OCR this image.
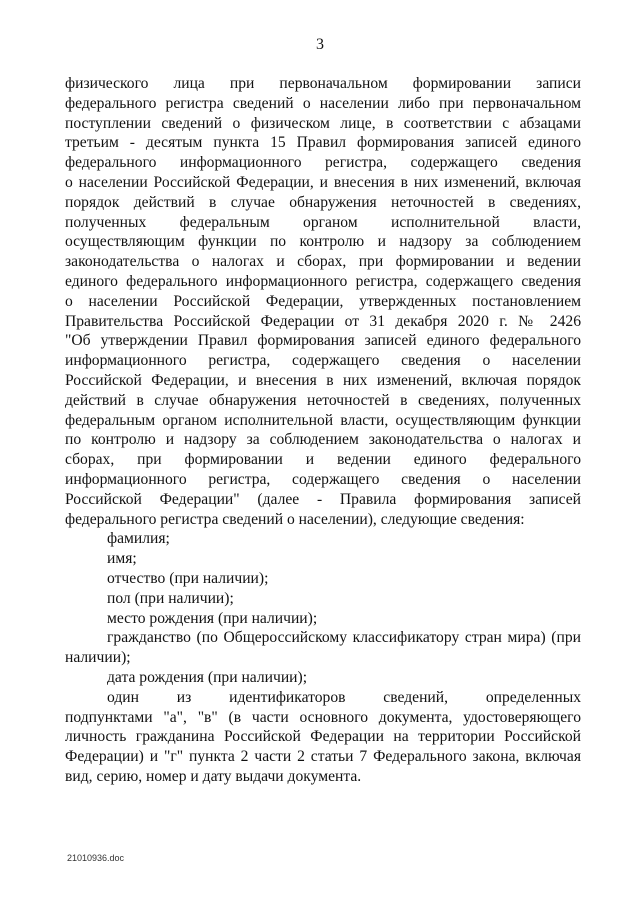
3
физического лица при первоначальном формировании записи
федерального регистра сведений о населении либо при первоначальном
поступлении сведений о физическом лице, в соответствии с абзацами
третьим - десятым пункта 15 Правил формирования записей единого
федерального информационного регистра, содержащего сведения
о населении Российской Федерации, и внесения в них изменений, включая
порядок действий в случае обнаружения неточностей в сведениях,
полученных федеральным органом исполнительной власти,
осуществляющим функции по контролю и надзору за соблюдением
законодательства о налогах и сборах, при формировании и ведении
единого федерального информационного регистра, содержащего сведения
о населении Российской Федерации, утвержденных постановлением
Правительства Российской Федерации от 31 декабря 2020 г. № 2426
"Об утверждении Правил формирования записей единого федерального
информационного регистра, содержащего сведения о населении
Российской Федерации, и внесения в них изменений, включая порядок
действий в случае обнаружения неточностей в сведениях, полученных
федеральным органом исполнительной власти, осуществляющим функции
по контролю и надзору за соблюдением законодательства о налогах и
сборах, при формировании и ведении единого федерального
информационного регистра, содержащего сведения о населении
Российской Федерации" (далее - Правила формирования записей
федерального регистра сведений о населении), следующие сведения:
фамилия;
имя;
отчество (при наличии);
пол (при наличии);
место рождения (при наличии);
гражданство (по Общероссийскому классификатору стран мира) (при
наличии);
дата рождения (при наличии);
один из идентификаторов сведений, определенных
подпунктами "а", "в" (в части основного документа, удостоверяющего
личность гражданина Российской Федерации на территории Российской
Федерации) и "г" пункта 2 части 2 статьи 7 Федерального закона, включая
вид, серию, номер и дату выдачи документа.
21010936.doc
